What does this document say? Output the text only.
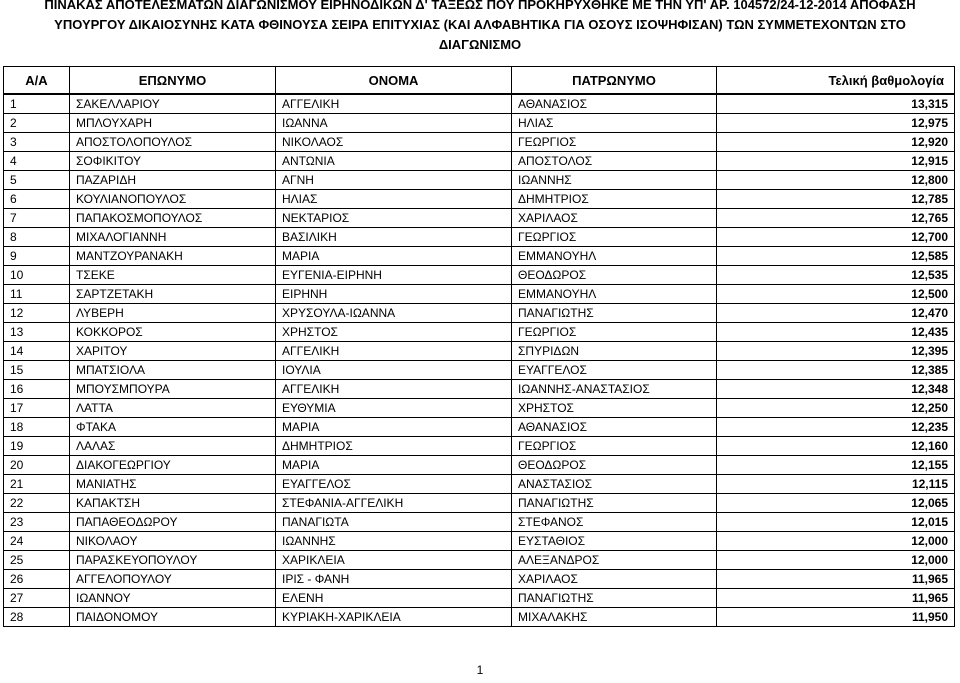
ΠΙΝΑΚΑΣ ΑΠΟΤΕΛΕΣΜΑΤΩΝ ΔΙΑΓΩΝΙΣΜΟΥ ΕΙΡΗΝΟΔΙΚΩΝ Δ' ΤΑΞΕΩΣ ΠΟΥ ΠΡΟΚΗΡΥΧΘΗΚΕ ΜΕ ΤΗΝ ΥΠ' ΑΡ. 104572/24-12-2014 ΑΠΟΦΑΣΗ
ΥΠΟΥΡΓΟΥ ΔΙΚΑΙΟΣΥΝΗΣ ΚΑΤΑ ΦΘΙΝΟΥΣΑ ΣΕΙΡΑ ΕΠΙΤΥΧΙΑΣ (ΚΑΙ ΑΛΦΑΒΗΤΙΚΑ ΓΙΑ ΟΣΟΥΣ ΙΣΟΨΗΦΙΣΑΝ) ΤΩΝ ΣΥΜΜΕΤΕΧΟΝΤΩΝ ΣΤΟ
ΔΙΑΓΩΝΙΣΜΟ
Α/Α	ΕΠΩΝΥΜΟ	ΟΝΟΜΑ	ΠΑΤΡΩΝΥΜΟ	Τελική βαθμολογία
1	ΣΑΚΕΛΛΑΡΙΟΥ	ΑΓΓΕΛΙΚΗ	ΑΘΑΝΑΣΙΟΣ	13,315
2	ΜΠΛΟΥΧΑΡΗ	ΙΩΑΝΝΑ	ΗΛΙΑΣ	12,975
3	ΑΠΟΣΤΟΛΟΠΟΥΛΟΣ	ΝΙΚΟΛΑΟΣ	ΓΕΩΡΓΙΟΣ	12,920
4	ΣΟΦΙΚΙΤΟΥ	ΑΝΤΩΝΙΑ	ΑΠΟΣΤΟΛΟΣ	12,915
5	ΠΑΖΑΡΙΔΗ	ΑΓΝΗ	ΙΩΑΝΝΗΣ	12,800
6	ΚΟΥΛΙΑΝΟΠΟΥΛΟΣ	ΗΛΙΑΣ	ΔΗΜΗΤΡΙΟΣ	12,785
7	ΠΑΠΑΚΟΣΜΟΠΟΥΛΟΣ	ΝΕΚΤΑΡΙΟΣ	ΧΑΡΙΛΑΟΣ	12,765
8	ΜΙΧΑΛΟΓΙΑΝΝΗ	ΒΑΣΙΛΙΚΗ	ΓΕΩΡΓΙΟΣ	12,700
9	ΜΑΝΤΖΟΥΡΑΝΑΚΗ	ΜΑΡΙΑ	ΕΜΜΑΝΟΥΗΛ	12,585
10	ΤΣΕΚΕ	ΕΥΓΕΝΙΑ-ΕΙΡΗΝΗ	ΘΕΟΔΩΡΟΣ	12,535
11	ΣΑΡΤΖΕΤΑΚΗ	ΕΙΡΗΝΗ	ΕΜΜΑΝΟΥΗΛ	12,500
12	ΛΥΒΕΡΗ	ΧΡΥΣΟΥΛΑ-ΙΩΑΝΝΑ	ΠΑΝΑΓΙΩΤΗΣ	12,470
13	ΚΟΚΚΟΡΟΣ	ΧΡΗΣΤΟΣ	ΓΕΩΡΓΙΟΣ	12,435
14	ΧΑΡΙΤΟΥ	ΑΓΓΕΛΙΚΗ	ΣΠΥΡΙΔΩΝ	12,395
15	ΜΠΑΤΣΙΟΛΑ	ΙΟΥΛΙΑ	ΕΥΑΓΓΕΛΟΣ	12,385
16	ΜΠΟΥΣΜΠΟΥΡΑ	ΑΓΓΕΛΙΚΗ	ΙΩΑΝΝΗΣ-ΑΝΑΣΤΑΣΙΟΣ	12,348
17	ΛΑΤΤΑ	ΕΥΘΥΜΙΑ	ΧΡΗΣΤΟΣ	12,250
18	ΦΤΑΚΑ	ΜΑΡΙΑ	ΑΘΑΝΑΣΙΟΣ	12,235
19	ΛΑΛΑΣ	ΔΗΜΗΤΡΙΟΣ	ΓΕΩΡΓΙΟΣ	12,160
20	ΔΙΑΚΟΓΕΩΡΓΙΟΥ	ΜΑΡΙΑ	ΘΕΟΔΩΡΟΣ	12,155
21	ΜΑΝΙΑΤΗΣ	ΕΥΑΓΓΕΛΟΣ	ΑΝΑΣΤΑΣΙΟΣ	12,115
22	ΚΑΠΑΚΤΣΗ	ΣΤΕΦΑΝΙΑ-ΑΓΓΕΛΙΚΗ	ΠΑΝΑΓΙΩΤΗΣ	12,065
23	ΠΑΠΑΘΕΟΔΩΡΟΥ	ΠΑΝΑΓΙΩΤΑ	ΣΤΕΦΑΝΟΣ	12,015
24	ΝΙΚΟΛΑΟΥ	ΙΩΑΝΝΗΣ	ΕΥΣΤΑΘΙΟΣ	12,000
25	ΠΑΡΑΣΚΕΥΟΠΟΥΛΟΥ	ΧΑΡΙΚΛΕΙΑ	ΑΛΕΞΑΝΔΡΟΣ	12,000
26	ΑΓΓΕΛΟΠΟΥΛΟΥ	ΙΡΙΣ - ΦΑΝΗ	ΧΑΡΙΛΑΟΣ	11,965
27	ΙΩΑΝΝΟΥ	ΕΛΕΝΗ	ΠΑΝΑΓΙΩΤΗΣ	11,965
28	ΠΑΙΔΟΝΟΜΟΥ	ΚΥΡΙΑΚΗ-ΧΑΡΙΚΛΕΙΑ	ΜΙΧΑΛΑΚΗΣ	11,950
1
